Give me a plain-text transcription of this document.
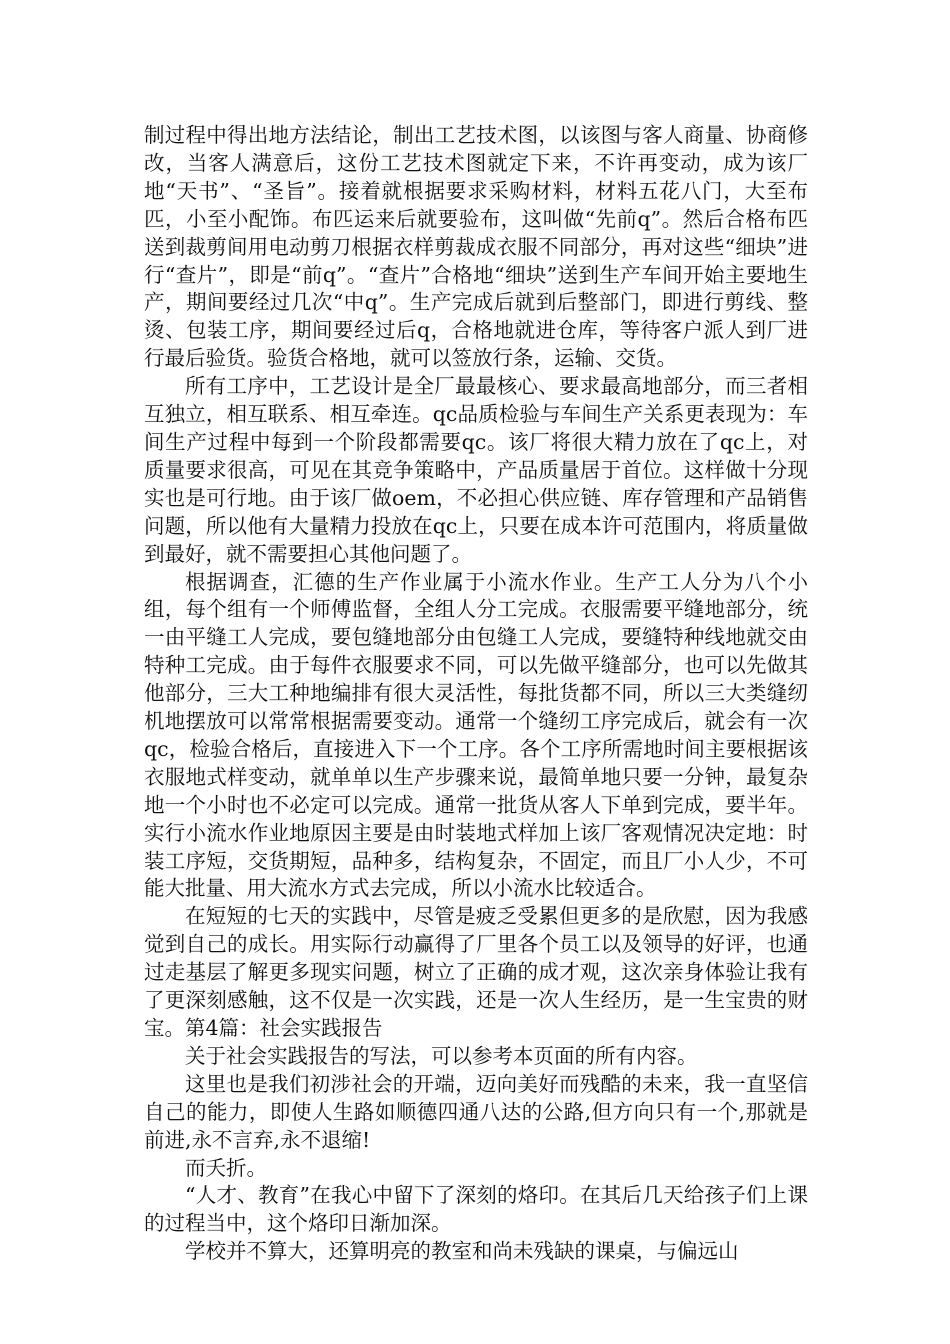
制过程中得出地方法结论，制出工艺技术图，以该图与客人商量、协商修改，当客人满意后，这份工艺技术图就定下来，不许再变动，成为该厂地“天书”、“圣旨”。接着就根据要求采购材料，材料五花八门，大至布匹，小至小配饰。布匹运来后就要验布，这叫做“先前q”。然后合格布匹送到裁剪间用电动剪刀根据衣样剪裁成衣服不同部分，再对这些“细块”进行“查片”，即是“前q”。“查片”合格地“细块”送到生产车间开始主要地生产，期间要经过几次“中q”。生产完成后就到后整部门，即进行剪线、整烫、包装工序，期间要经过后q，合格地就进仓库，等待客户派人到厂进行最后验货。验货合格地，就可以签放行条，运输、交货。

所有工序中，工艺设计是全厂最最核心、要求最高地部分，而三者相互独立，相互联系、相互牵连。qc品质检验与车间生产关系更表现为：车间生产过程中每到一个阶段都需要qc。该厂将很大精力放在了qc上，对质量要求很高，可见在其竞争策略中，产品质量居于首位。这样做十分现实也是可行地。由于该厂做oem，不必担心供应链、库存管理和产品销售问题，所以他有大量精力投放在qc上，只要在成本许可范围内，将质量做到最好，就不需要担心其他问题了。

根据调查，汇德的生产作业属于小流水作业。生产工人分为八个小组，每个组有一个师傅监督，全组人分工完成。衣服需要平缝地部分，统一由平缝工人完成，要包缝地部分由包缝工人完成，要缝特种线地就交由特种工完成。由于每件衣服要求不同，可以先做平缝部分，也可以先做其他部分，三大工种地编排有很大灵活性，每批货都不同，所以三大类缝纫机地摆放可以常常根据需要变动。通常一个缝纫工序完成后，就会有一次qc，检验合格后，直接进入下一个工序。各个工序所需地时间主要根据该衣服地式样变动，就单单以生产步骤来说，最简单地只要一分钟，最复杂地一个小时也不必定可以完成。通常一批货从客人下单到完成，要半年。实行小流水作业地原因主要是由时装地式样加上该厂客观情况决定地：时装工序短，交货期短，品种多，结构复杂，不固定，而且厂小人少，不可能大批量、用大流水方式去完成，所以小流水比较适合。

在短短的七天的实践中，尽管是疲乏受累但更多的是欣慰，因为我感觉到自己的成长。用实际行动赢得了厂里各个员工以及领导的好评，也通过走基层了解更多现实问题，树立了正确的成才观，这次亲身体验让我有了更深刻感触，这不仅是一次实践，还是一次人生经历，是一生宝贵的财宝。第4篇：社会实践报告

关于社会实践报告的写法，可以参考本页面的所有内容。

这里也是我们初涉社会的开端，迈向美好而残酷的未来，我一直坚信自己的能力，即使人生路如顺德四通八达的公路,但方向只有一个,那就是前进,永不言弃,永不退缩!

而夭折。

“人才、教育”在我心中留下了深刻的烙印。在其后几天给孩子们上课的过程当中，这个烙印日渐加深。

学校并不算大，还算明亮的教室和尚未残缺的课桌，与偏远山
